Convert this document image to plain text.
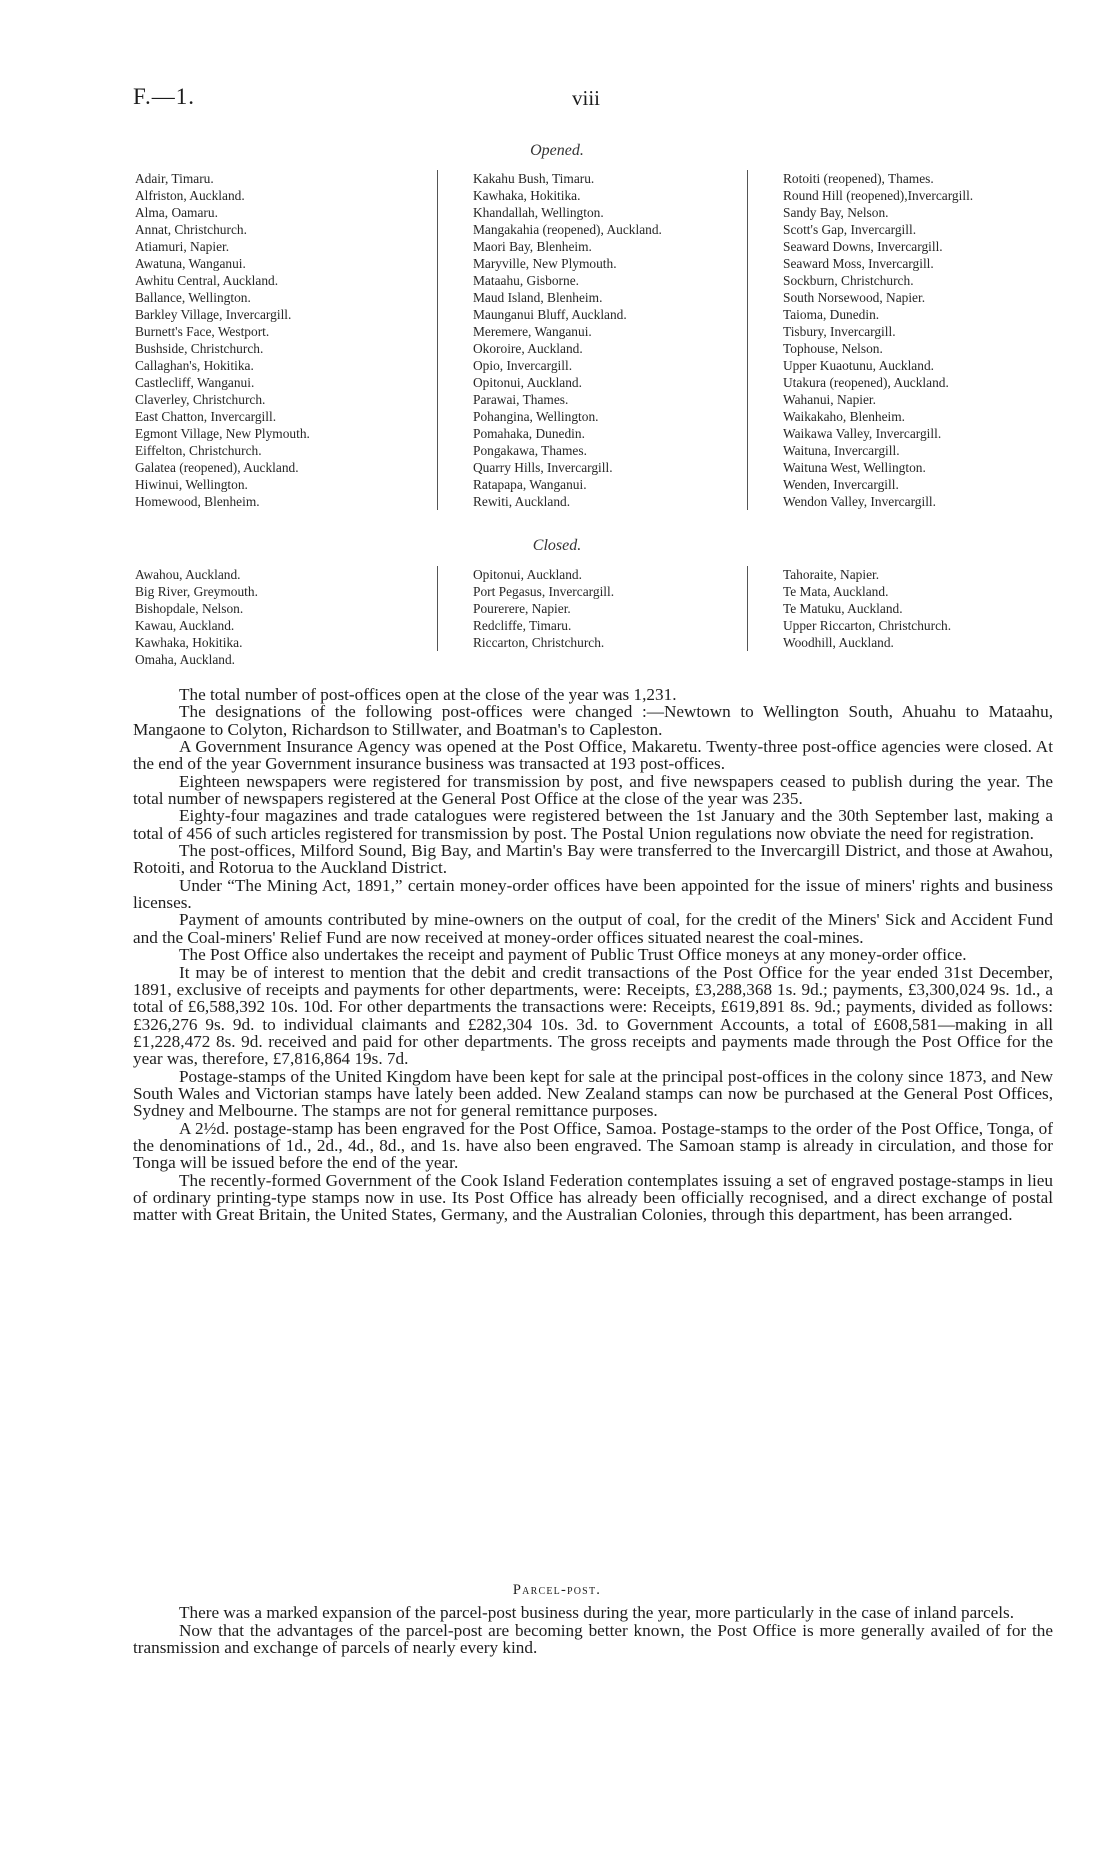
F.—1.	viii
Opened.
Adair, Timaru.
Alfriston, Auckland.
Alma, Oamaru.
Annat, Christchurch.
Atiamuri, Napier.
Awatuna, Wanganui.
Awhitu Central, Auckland.
Ballance, Wellington.
Barkley Village, Invercargill.
Burnett's Face, Westport.
Bushside, Christchurch.
Callaghan's, Hokitika.
Castlecliff, Wanganui.
Claverley, Christchurch.
East Chatton, Invercargill.
Egmont Village, New Plymouth.
Eiffelton, Christchurch.
Galatea (reopened), Auckland.
Hiwinui, Wellington.
Homewood, Blenheim.
Kakahu Bush, Timaru.
Kawhaka, Hokitika.
Khandallah, Wellington.
Mangakahia (reopened), Auckland.
Maori Bay, Blenheim.
Maryville, New Plymouth.
Mataahu, Gisborne.
Maud Island, Blenheim.
Maunganui Bluff, Auckland.
Meremere, Wanganui.
Okoroire, Auckland.
Opio, Invercargill.
Opitonui, Auckland.
Parawai, Thames.
Pohangina, Wellington.
Pomahaka, Dunedin.
Pongakawa, Thames.
Quarry Hills, Invercargill.
Ratapapa, Wanganui.
Rewiti, Auckland.
Rotoiti (reopened), Thames.
Round Hill (reopened),Invercargill.
Sandy Bay, Nelson.
Scott's Gap, Invercargill.
Seaward Downs, Invercargill.
Seaward Moss, Invercargill.
Sockburn, Christchurch.
South Norsewood, Napier.
Taioma, Dunedin.
Tisbury, Invercargill.
Tophouse, Nelson.
Upper Kuaotunu, Auckland.
Utakura (reopened), Auckland.
Wahanui, Napier.
Waikakaho, Blenheim.
Waikawa Valley, Invercargill.
Waituna, Invercargill.
Waituna West, Wellington.
Wenden, Invercargill.
Wendon Valley, Invercargill.
Closed.
Awahou, Auckland.
Big River, Greymouth.
Bishopdale, Nelson.
Kawau, Auckland.
Kawhaka, Hokitika.
Omaha, Auckland.
Opitonui, Auckland.
Port Pegasus, Invercargill.
Pourerere, Napier.
Redcliffe, Timaru.
Riccarton, Christchurch.
Tahoraite, Napier.
Te Mata, Auckland.
Te Matuku, Auckland.
Upper Riccarton, Christchurch.
Woodhill, Auckland.

The total number of post-offices open at the close of the year was 1,231.

The designations of the following post-offices were changed :—Newtown to Wellington South, Ahuahu to Mataahu, Mangaone to Colyton, Richardson to Stillwater, and Boatman's to Capleston.

A Government Insurance Agency was opened at the Post Office, Makaretu. Twenty-three post-office agencies were closed. At the end of the year Government insurance business was transacted at 193 post-offices.

Eighteen newspapers were registered for transmission by post, and five newspapers ceased to publish during the year. The total number of newspapers registered at the General Post Office at the close of the year was 235.

Eighty-four magazines and trade catalogues were registered between the 1st January and the 30th September last, making a total of 456 of such articles registered for transmission by post. The Postal Union regulations now obviate the need for registration.

The post-offices, Milford Sound, Big Bay, and Martin's Bay were transferred to the Invercargill District, and those at Awahou, Rotoiti, and Rotorua to the Auckland District.

Under “The Mining Act, 1891,” certain money-order offices have been appointed for the issue of miners' rights and business licenses.

Payment of amounts contributed by mine-owners on the output of coal, for the credit of the Miners' Sick and Accident Fund and the Coal-miners' Relief Fund are now received at money-order offices situated nearest the coal-mines.

The Post Office also undertakes the receipt and payment of Public Trust Office moneys at any money-order office.

It may be of interest to mention that the debit and credit transactions of the Post Office for the year ended 31st December, 1891, exclusive of receipts and payments for other departments, were: Receipts, £3,288,368 1s. 9d.; payments, £3,300,024 9s. 1d., a total of £6,588,392 10s. 10d. For other departments the transactions were: Receipts, £619,891 8s. 9d.; payments, divided as follows: £326,276 9s. 9d. to individual claimants and £282,304 10s. 3d. to Government Accounts, a total of £608,581—making in all £1,228,472 8s. 9d. received and paid for other departments. The gross receipts and payments made through the Post Office for the year was, therefore, £7,816,864 19s. 7d.

Postage-stamps of the United Kingdom have been kept for sale at the principal post-offices in the colony since 1873, and New South Wales and Victorian stamps have lately been added. New Zealand stamps can now be purchased at the General Post Offices, Sydney and Melbourne. The stamps are not for general remittance purposes.

A 2½d. postage-stamp has been engraved for the Post Office, Samoa. Postage-stamps to the order of the Post Office, Tonga, of the denominations of 1d., 2d., 4d., 8d., and 1s. have also been engraved. The Samoan stamp is already in circulation, and those for Tonga will be issued before the end of the year.

The recently-formed Government of the Cook Island Federation contemplates issuing a set of engraved postage-stamps in lieu of ordinary printing-type stamps now in use. Its Post Office has already been officially recognised, and a direct exchange of postal matter with Great Britain, the United States, Germany, and the Australian Colonies, through this department, has been arranged.

Parcel-post.

There was a marked expansion of the parcel-post business during the year, more particularly in the case of inland parcels.

Now that the advantages of the parcel-post are becoming better known, the Post Office is more generally availed of for the transmission and exchange of parcels of nearly every kind.
